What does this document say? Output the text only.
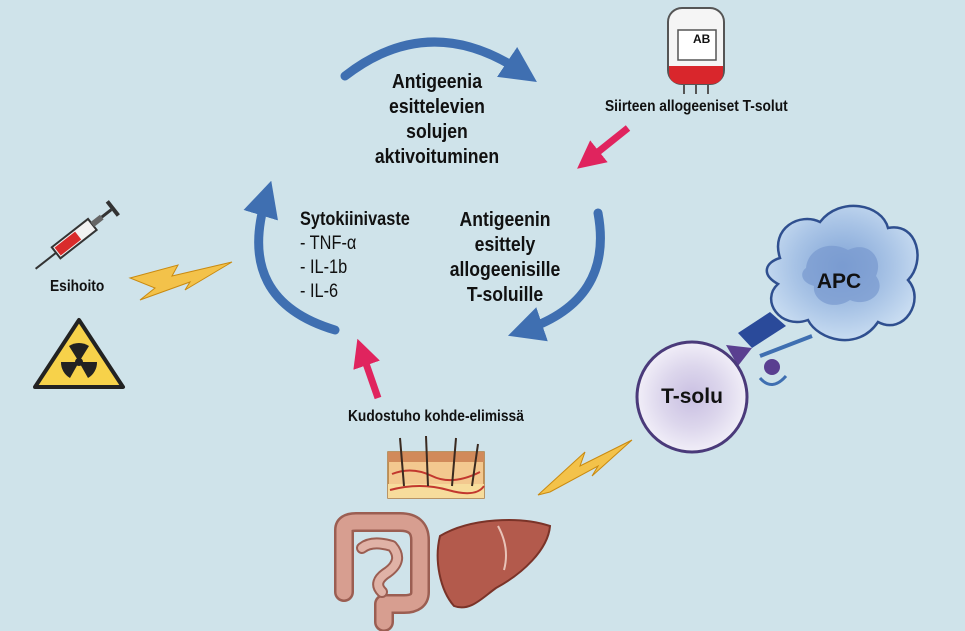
Antigeenia
esittelevien
solujen
aktivoituminen
Antigeenin
esittely
allogeenisille
T-soluille
Sytokiinivaste
- TNF-α
- IL-1b
- IL-6
Esihoito
Siirteen allogeeniset T-solut
AB
Kudostuho kohde-elimissä
APC
T-solu
